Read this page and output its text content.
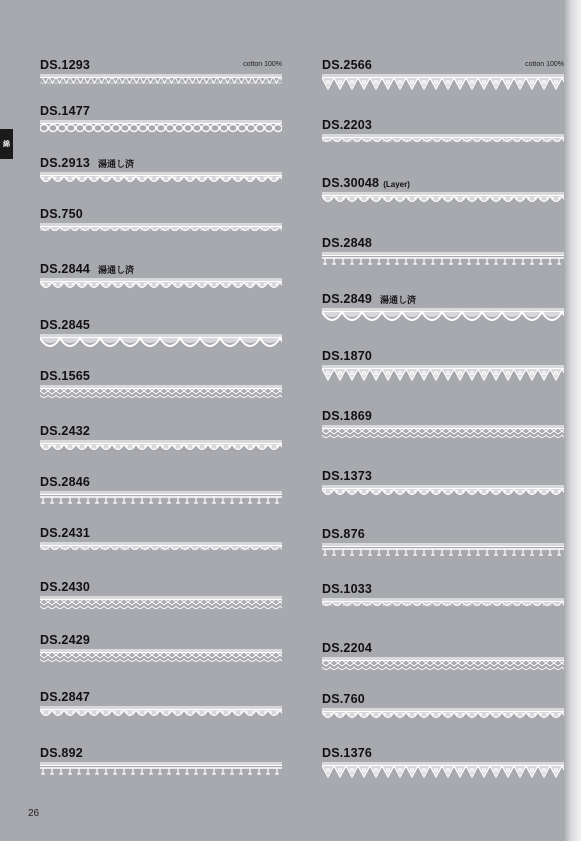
綿
DS.1293	cotton 100%
DS.1477
DS.2913 湯通し済
DS.750
DS.2844 湯通し済
DS.2845
DS.1565
DS.2432
DS.2846
DS.2431
DS.2430
DS.2429
DS.2847
DS.892
DS.2566	cotton 100%
DS.2203
DS.30048 (Layer)
DS.2848
DS.2849 湯通し済
DS.1870
DS.1869
DS.1373
DS.876
DS.1033
DS.2204
DS.760
DS.1376
26
